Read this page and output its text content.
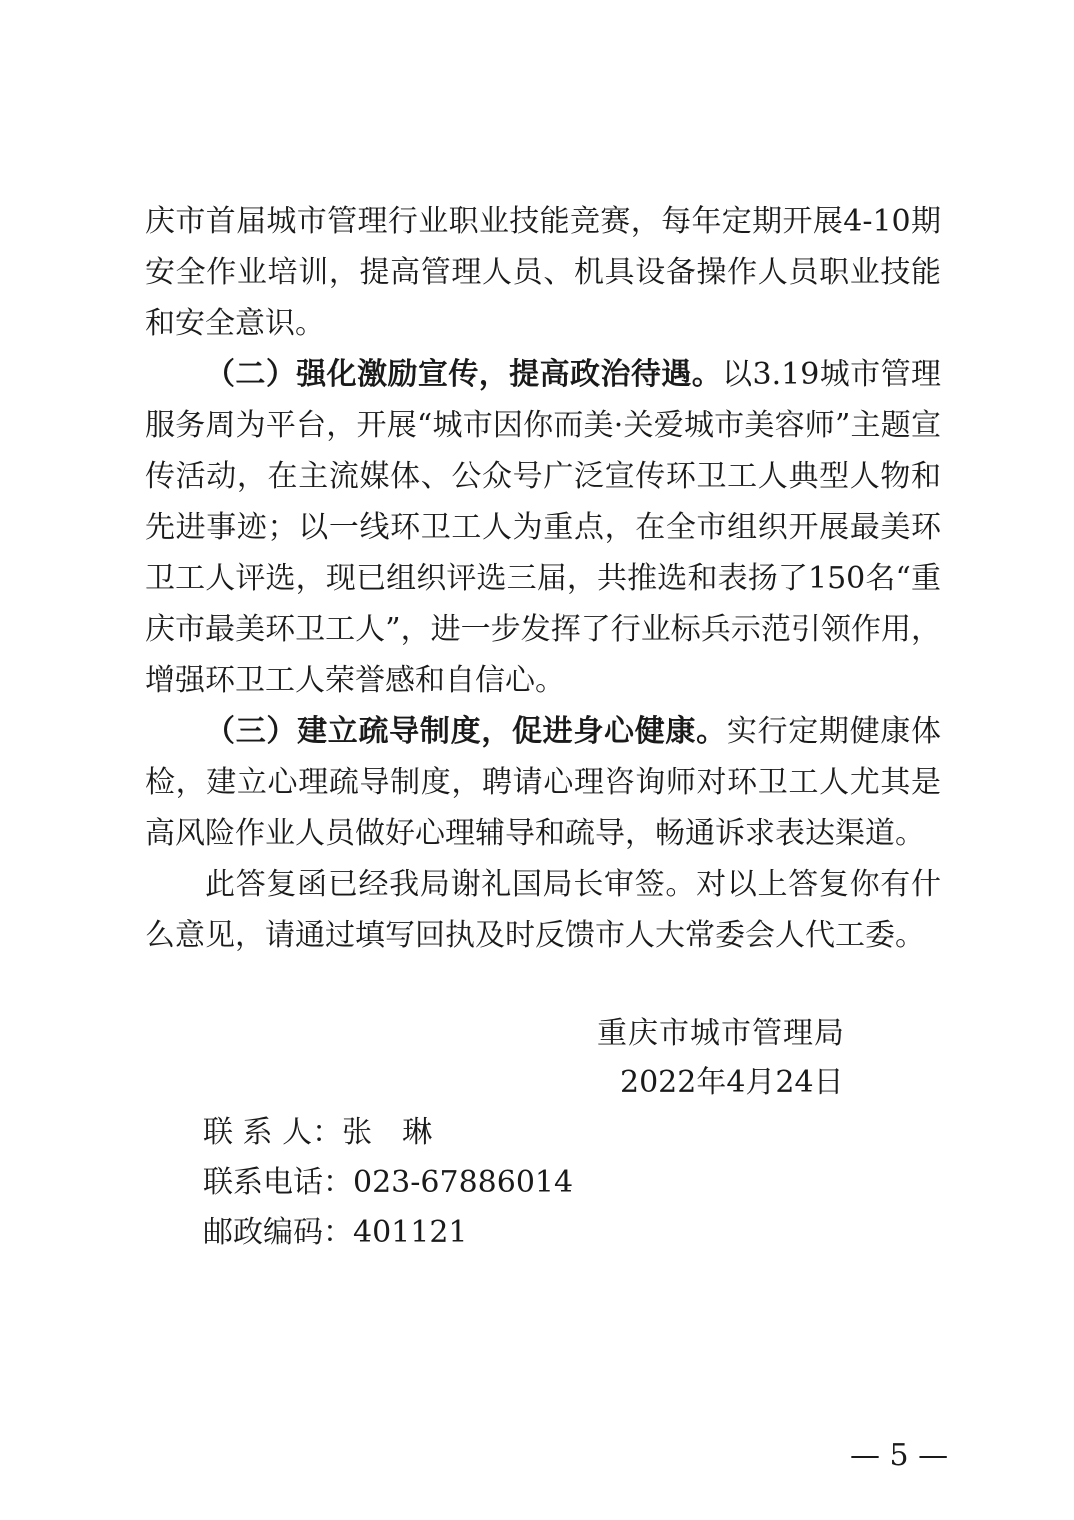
庆市首届城市管理行业职业技能竞赛，每年定期开展4-10期安全作业培训，提高管理人员、机具设备操作人员职业技能和安全意识。

（二）强化激励宣传，提高政治待遇。以3.19城市管理服务周为平台，开展“城市因你而美·关爱城市美容师”主题宣传活动，在主流媒体、公众号广泛宣传环卫工人典型人物和先进事迹；以一线环卫工人为重点，在全市组织开展最美环卫工人评选，现已组织评选三届，共推选和表扬了150名“重庆市最美环卫工人”，进一步发挥了行业标兵示范引领作用，增强环卫工人荣誉感和自信心。

（三）建立疏导制度，促进身心健康。实行定期健康体检，建立心理疏导制度，聘请心理咨询师对环卫工人尤其是高风险作业人员做好心理辅导和疏导，畅通诉求表达渠道。

此答复函已经我局谢礼国局长审签。对以上答复你有什么意见，请通过填写回执及时反馈市人大常委会人代工委。

重庆市城市管理局
2022年4月24日
联 系 人：张　琳
联系电话：023-67886014
邮政编码：401121
— 5 —
